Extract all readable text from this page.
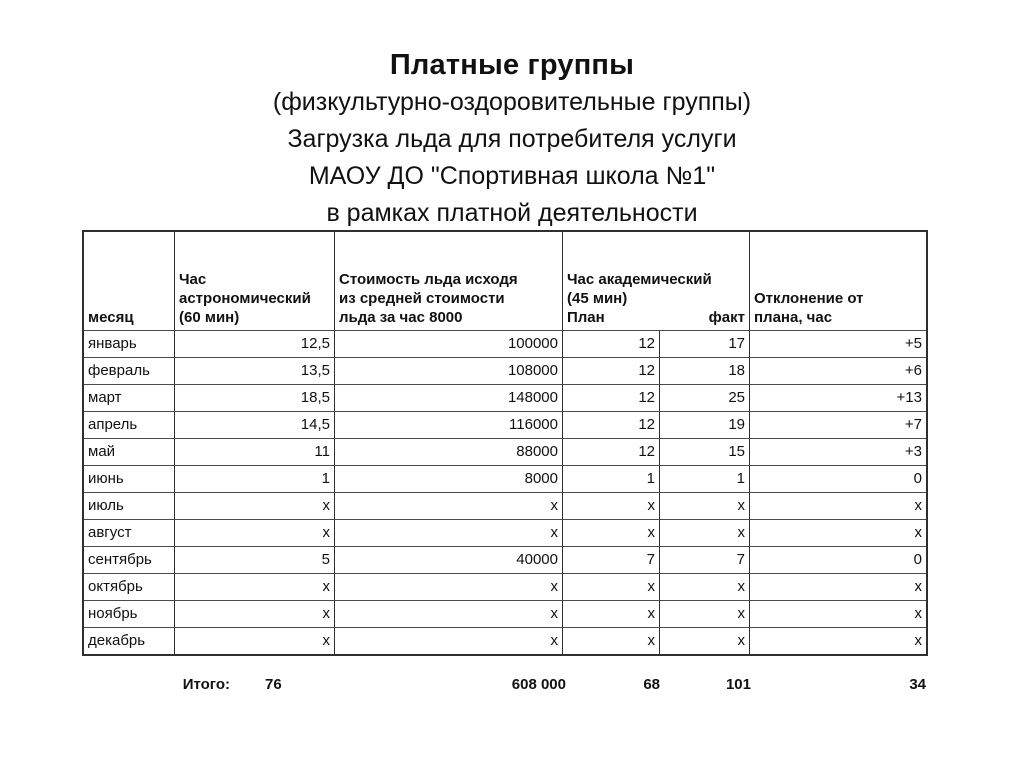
Платные группы
(физкультурно-оздоровительные группы)
Загрузка льда для потребителя услуги
МАОУ ДО "Спортивная школа №1"
в рамках платной деятельности
месяц
Час
астрономический
(60 мин)
Стоимость льда исходя
из средней стоимости
льда за час 8000
Час академический
(45 мин)
План	факт
Отклонение от
плана, час
январь	12,5	100000	12	17	+5
февраль	13,5	108000	12	18	+6
март	18,5	148000	12	25	+13
апрель	14,5	116000	12	19	+7
май	11	88000	12	15	+3
июнь	1	8000	1	1	0
июль	x	x	x	x	x
август	x	x	x	x	x
сентябрь	5	40000	7	7	0
октябрь	x	x	x	x	x
ноябрь	x	x	x	x	x
декабрь	x	x	x	x	x
Итого: 76	608 000	68	101	34
